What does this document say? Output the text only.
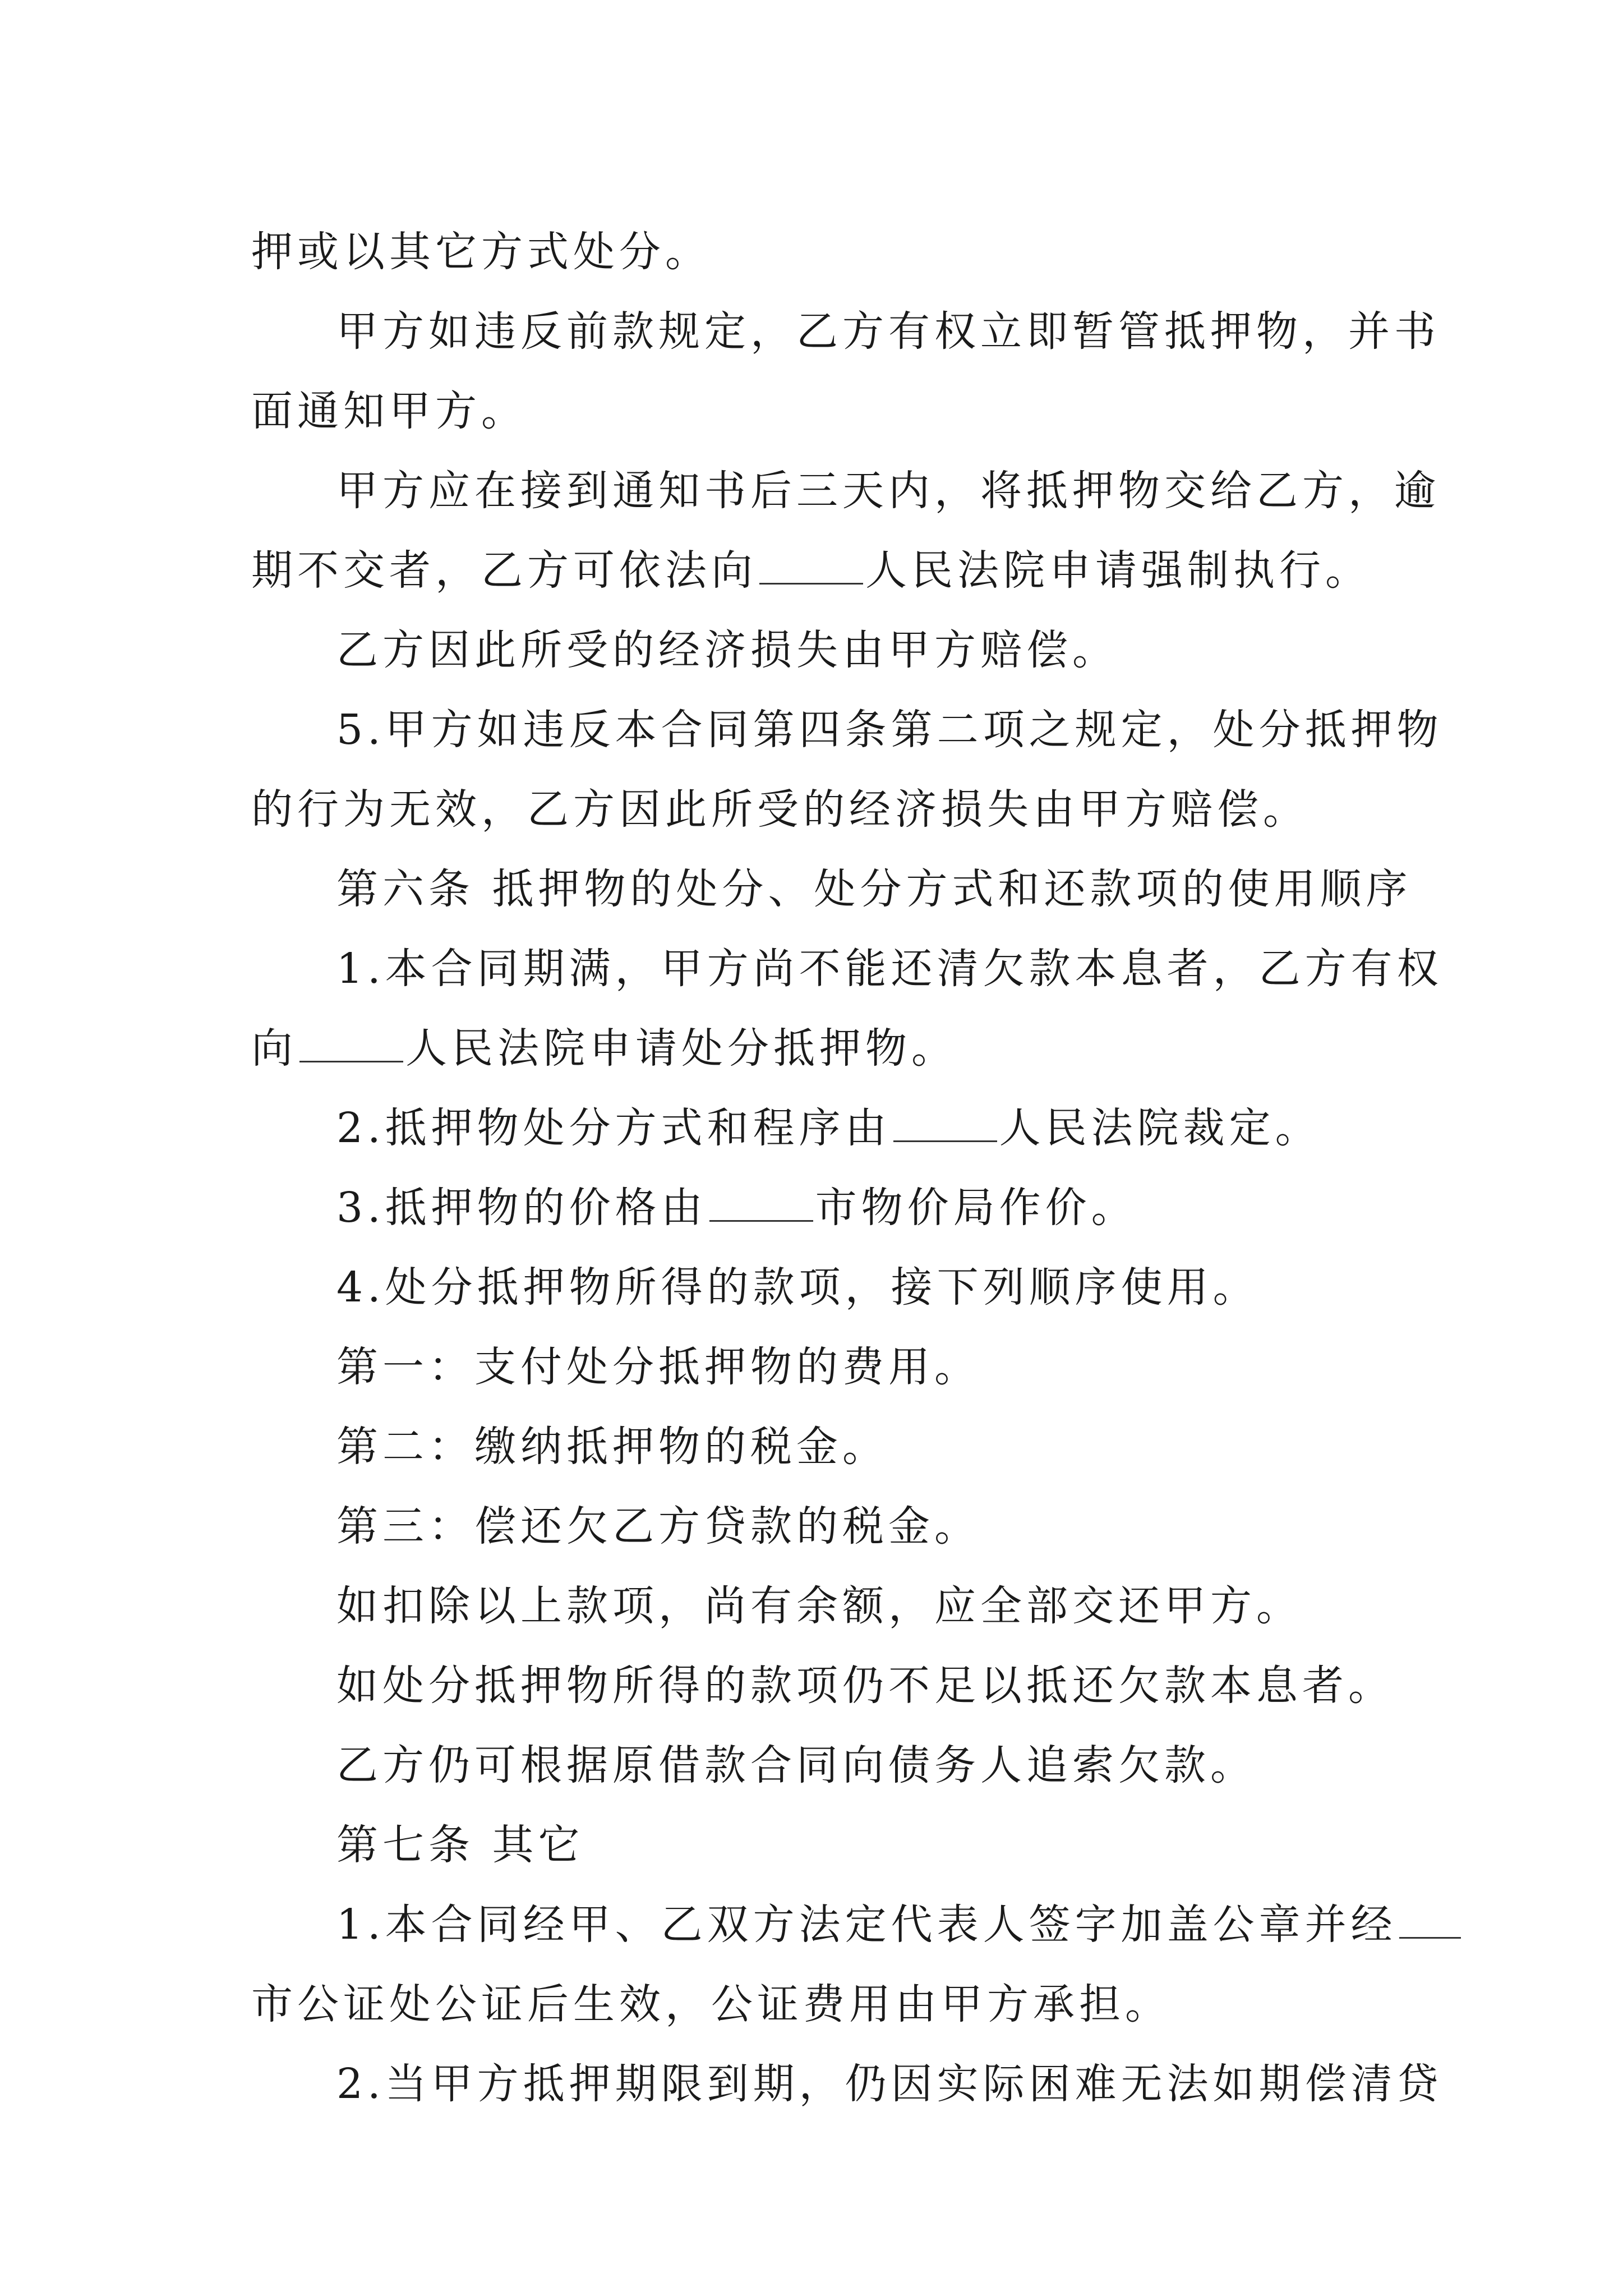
押或以其它方式处分。
甲方如违反前款规定，乙方有权立即暂管抵押物，并书
面通知甲方。
甲方应在接到通知书后三天内，将抵押物交给乙方，逾
期不交者，乙方可依法向	人民法院申请强制执行。
乙方因此所受的经济损失由甲方赔偿。
5.甲方如违反本合同第四条第二项之规定，处分抵押物
的行为无效，乙方因此所受的经济损失由甲方赔偿。
第六条 抵押物的处分、处分方式和还款项的使用顺序
1.本合同期满，甲方尚不能还清欠款本息者，乙方有权
向	人民法院申请处分抵押物。
2.抵押物处分方式和程序由	人民法院裁定。
3.抵押物的价格由	市物价局作价。
4.处分抵押物所得的款项，接下列顺序使用。
第一：支付处分抵押物的费用。
第二：缴纳抵押物的税金。
第三：偿还欠乙方贷款的税金。
如扣除以上款项，尚有余额，应全部交还甲方。
如处分抵押物所得的款项仍不足以抵还欠款本息者。
乙方仍可根据原借款合同向债务人追索欠款。
第七条 其它
1.本合同经甲、乙双方法定代表人签字加盖公章并经
市公证处公证后生效，公证费用由甲方承担。
2.当甲方抵押期限到期，仍因实际困难无法如期偿清贷
